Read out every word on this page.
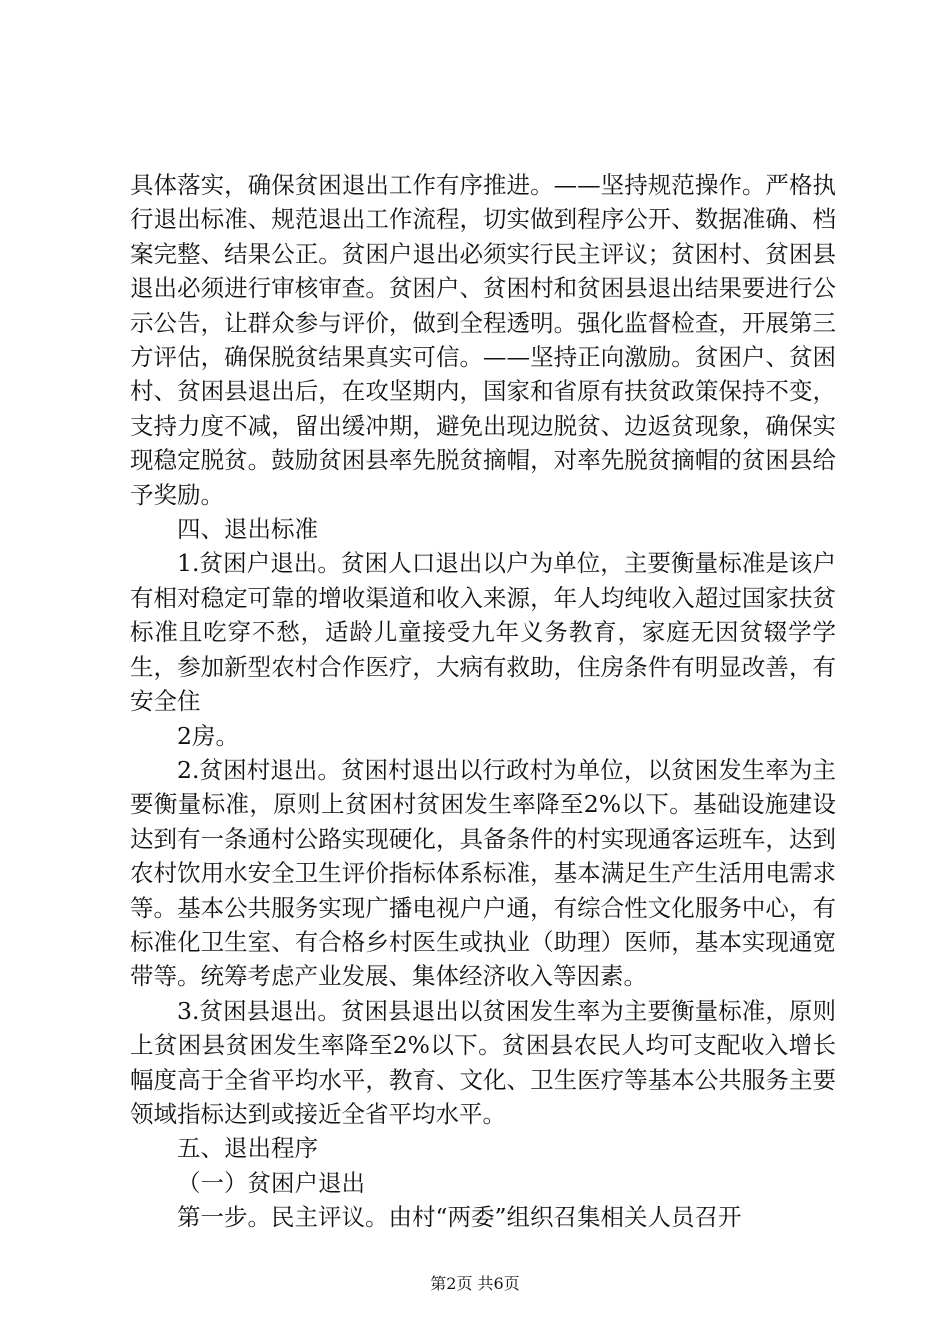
具体落实，确保贫困退出工作有序推进。——坚持规范操作。严格执行退出标准、规范退出工作流程，切实做到程序公开、数据准确、档案完整、结果公正。贫困户退出必须实行民主评议；贫困村、贫困县退出必须进行审核审查。贫困户、贫困村和贫困县退出结果要进行公示公告，让群众参与评价，做到全程透明。强化监督检查，开展第三方评估，确保脱贫结果真实可信。——坚持正向激励。贫困户、贫困村、贫困县退出后，在攻坚期内，国家和省原有扶贫政策保持不变，支持力度不减，留出缓冲期，避免出现边脱贫、边返贫现象，确保实现稳定脱贫。鼓励贫困县率先脱贫摘帽，对率先脱贫摘帽的贫困县给予奖励。

四、退出标准

1.贫困户退出。贫困人口退出以户为单位，主要衡量标准是该户有相对稳定可靠的增收渠道和收入来源，年人均纯收入超过国家扶贫标准且吃穿不愁，适龄儿童接受九年义务教育，家庭无因贫辍学学生，参加新型农村合作医疗，大病有救助，住房条件有明显改善，有安全住

2房。

2.贫困村退出。贫困村退出以行政村为单位，以贫困发生率为主要衡量标准，原则上贫困村贫困发生率降至2%以下。基础设施建设达到有一条通村公路实现硬化，具备条件的村实现通客运班车，达到农村饮用水安全卫生评价指标体系标准，基本满足生产生活用电需求等。基本公共服务实现广播电视户户通，有综合性文化服务中心，有标准化卫生室、有合格乡村医生或执业（助理）医师，基本实现通宽带等。统筹考虑产业发展、集体经济收入等因素。

3.贫困县退出。贫困县退出以贫困发生率为主要衡量标准，原则上贫困县贫困发生率降至2%以下。贫困县农民人均可支配收入增长幅度高于全省平均水平，教育、文化、卫生医疗等基本公共服务主要领域指标达到或接近全省平均水平。

五、退出程序

（一）贫困户退出

第一步。民主评议。由村“两委”组织召集相关人员召开

第2页 共6页
